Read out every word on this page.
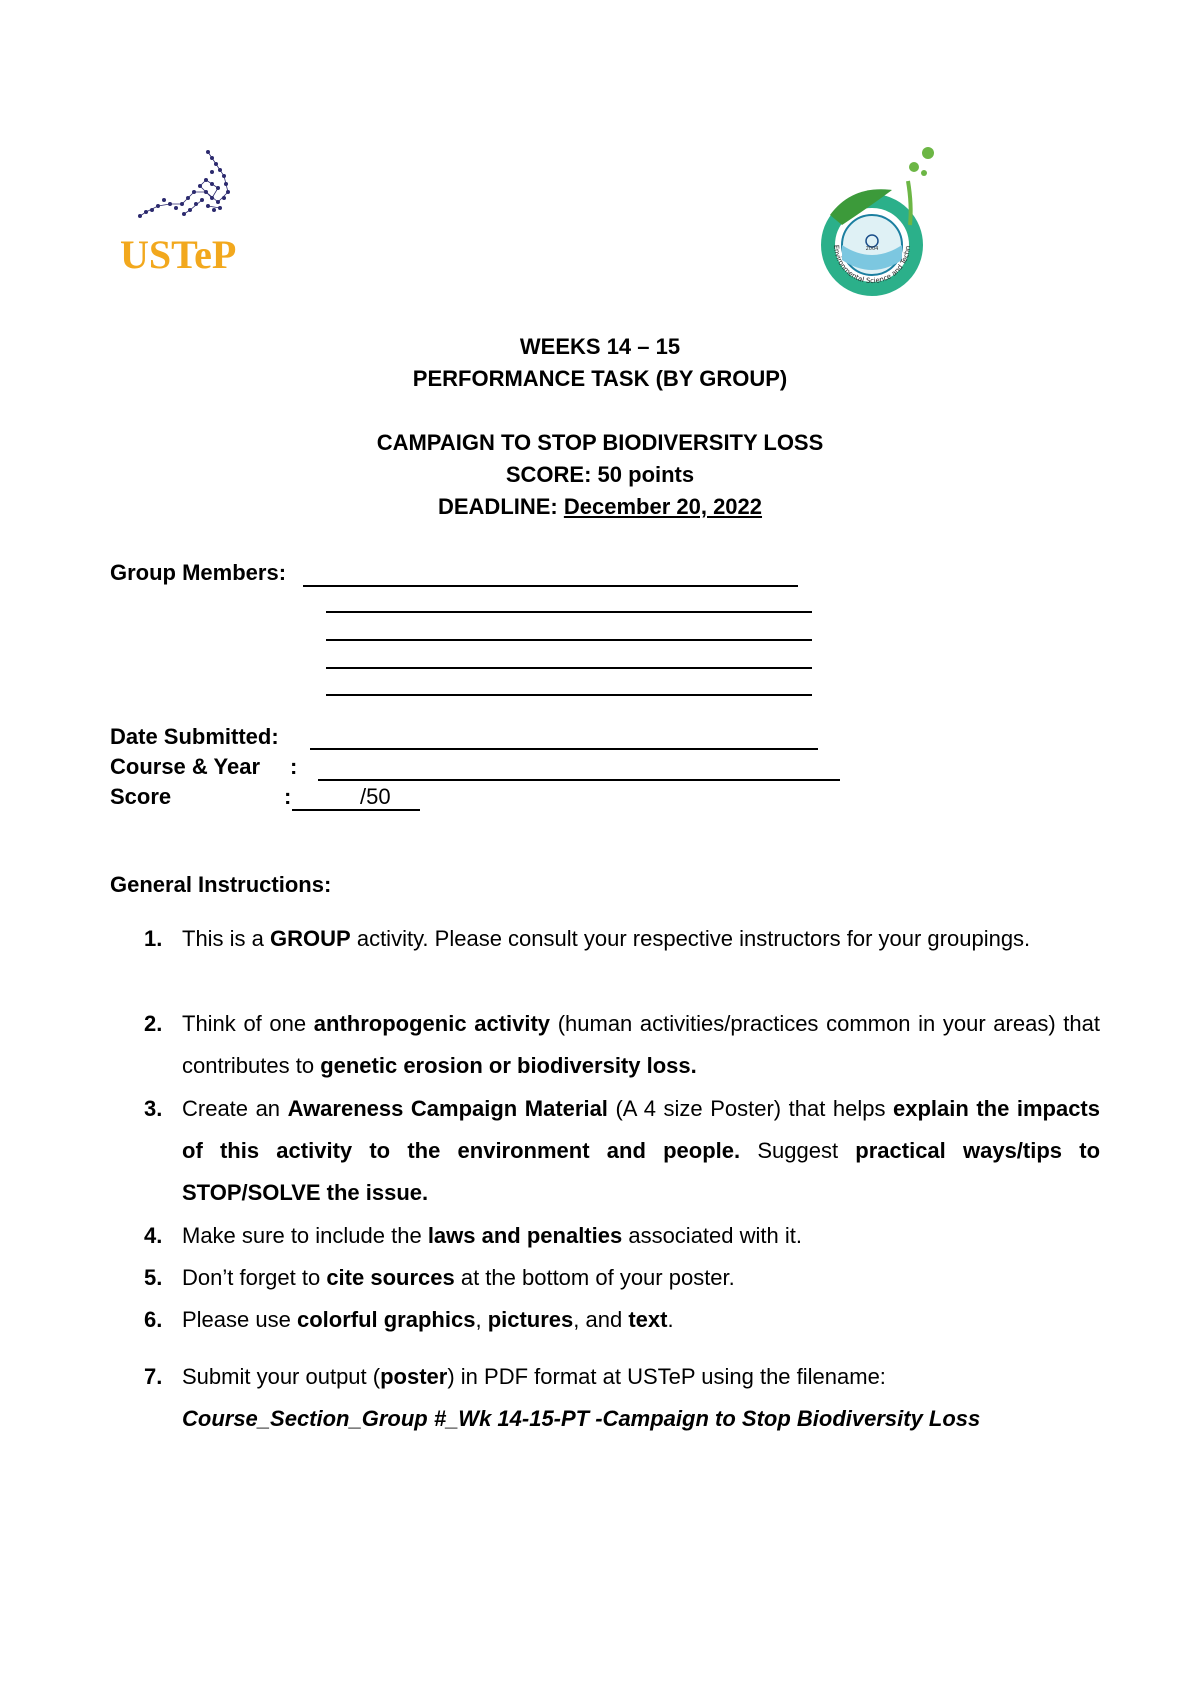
USTeP	2004
Environmental Science and Techn
WEEKS 14 – 15
PERFORMANCE TASK (BY GROUP)
CAMPAIGN TO STOP BIODIVERSITY LOSS
SCORE: 50 points
DEADLINE: December 20, 2022
Group Members:
Date Submitted:
Course & Year :
Score	:	/50
General Instructions:
1. This is a GROUP activity. Please consult your respective instructors for your groupings.
2. Think of one anthropogenic activity (human activities/practices common in your areas) that contributes to genetic erosion or biodiversity loss.
3. Create an Awareness Campaign Material (A 4 size Poster) that helps explain the impacts of this activity to the environment and people. Suggest practical ways/tips to STOP/SOLVE the issue.
4. Make sure to include the laws and penalties associated with it.
5. Don’t forget to cite sources at the bottom of your poster.
6. Please use colorful graphics, pictures, and text.
7. Submit your output (poster) in PDF format at USTeP using the filename:
Course_Section_Group #_Wk 14-15-PT -Campaign to Stop Biodiversity Loss
